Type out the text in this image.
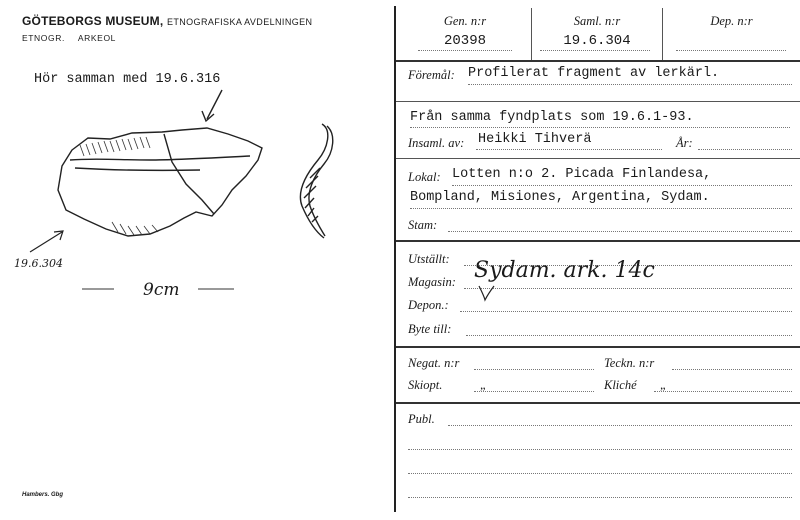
GÖTEBORGS MUSEUM, ETNOGRAFISKA AVDELNINGEN
ETNOGR. ARKEOL
Hör samman med 19.6.316
19.6.304
9cm
Hambers. Gbg
Gen. n:r
20398
Saml. n:r
19.6.304
Dep. n:r
Föremål: Profilerat fragment av lerkärl.
Från samma fyndplats som 19.6.1-93.
Insaml. av: Heikki Tihverä	År:
Lokal: Lotten n:o 2. Picada Finlandesa,
Bompland, Misiones, Argentina, Sydam.
Stam:
Utställt:
Magasin: Sydam. ark. 14c
Depon.:
Byte till:
Negat. n:r	Teckn. n:r
Skiopt.	„	Kliché „
Publ.
